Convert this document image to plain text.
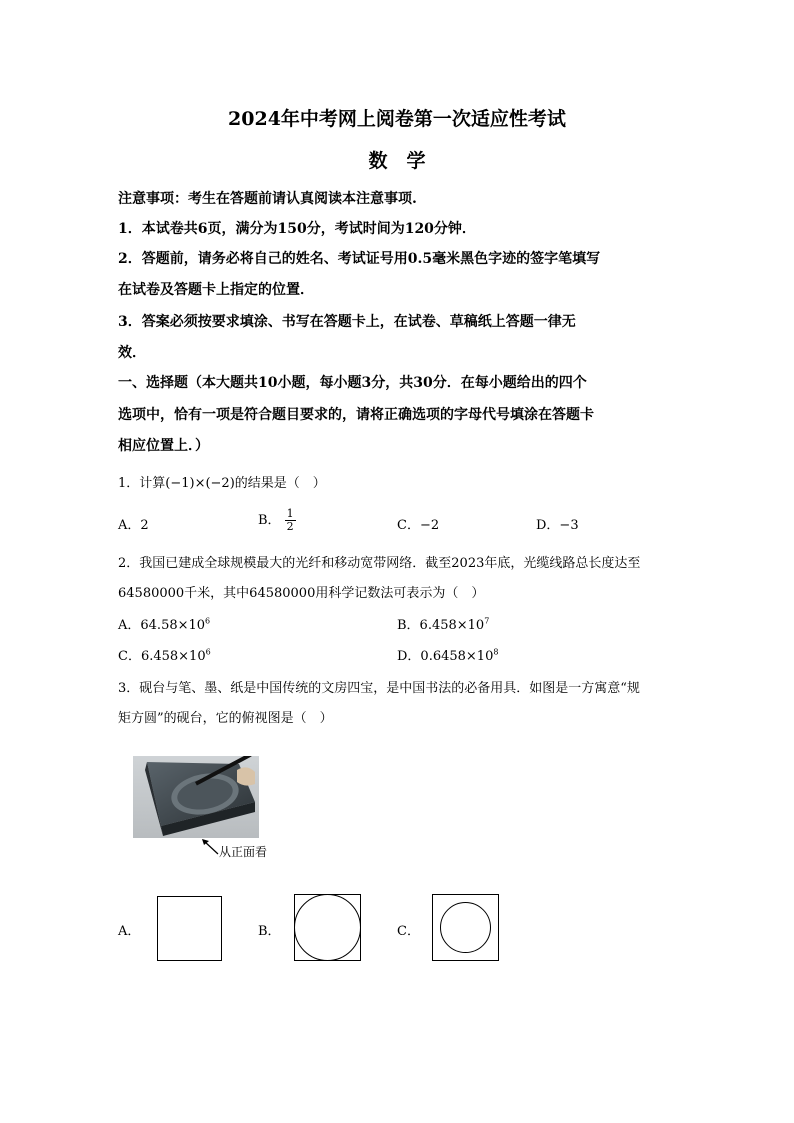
2024年中考网上阅卷第一次适应性考试
数　学
注意事项：考生在答题前请认真阅读本注意事项.
1．本试卷共6页，满分为150分，考试时间为120分钟．
2．答题前，请务必将自己的姓名、考试证号用0.5毫米黑色字迹的签字笔填写
在试卷及答题卡上指定的位置．
3．答案必须按要求填涂、书写在答题卡上，在试卷、草稿纸上答题一律无
效．
一、选择题（本大题共10小题，每小题3分，共30分．在每小题给出的四个
选项中，恰有一项是符合题目要求的，请将正确选项的字母代号填涂在答题卡
相应位置上．）
1．计算(−1)×(−2)的结果是（　）
A．2	B． $\frac{1}{2}$	C．−2	D．−3
2．我国已建成全球规模最大的光纤和移动宽带网络．截至2023年底，光缆线路总长度达至
64580000千米，其中64580000用科学记数法可表示为（　）
A．$64.58\times 10^6$	B．$6.458\times 10^7$
C．$6.458\times 10^6$	D．$0.6458\times 10^8$
3．砚台与笔、墨、纸是中国传统的文房四宝，是中国书法的必备用具．如图是一方寓意“规
矩方圆”的砚台，它的俯视图是（　）
从正面看
A．	B．	C．
